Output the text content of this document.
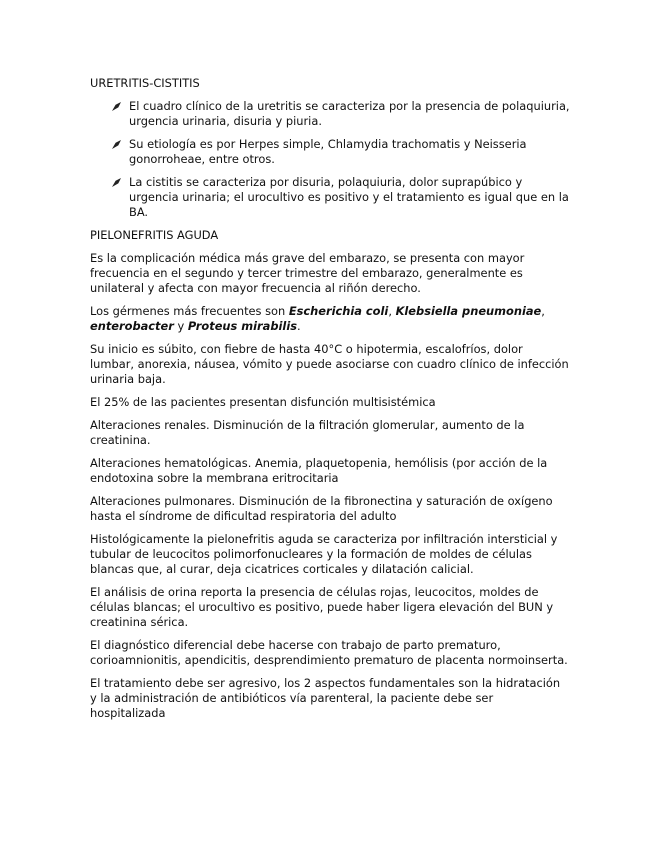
URETRITIS-CISTITIS
El cuadro clínico de la uretritis se caracteriza por la presencia de polaquiuria, urgencia urinaria, disuria y piuria.
Su etiología es por Herpes simple, Chlamydia trachomatis y Neisseria gonorroheae, entre otros.
La cistitis se caracteriza por disuria, polaquiuria, dolor suprapúbico y urgencia urinaria; el urocultivo es positivo y el tratamiento es igual que en la BA.
PIELONEFRITIS AGUDA

Es la complicación médica más grave del embarazo, se presenta con mayor frecuencia en el segundo y tercer trimestre del embarazo, generalmente es unilateral y afecta con mayor frecuencia al riñón derecho.

Los gérmenes más frecuentes son Escherichia coli, Klebsiella pneumoniae, enterobacter y Proteus mirabilis.

Su inicio es súbito, con fiebre de hasta 40°C o hipotermia, escalofríos, dolor lumbar, anorexia, náusea, vómito y puede asociarse con cuadro clínico de infección urinaria baja.

El 25% de las pacientes presentan disfunción multisistémica

Alteraciones renales. Disminución de la filtración glomerular, aumento de la creatinina.

Alteraciones hematológicas. Anemia, plaquetopenia, hemólisis (por acción de la endotoxina sobre la membrana eritrocitaria

Alteraciones pulmonares. Disminución de la fibronectina y saturación de oxígeno hasta el síndrome de dificultad respiratoria del adulto

Histológicamente la pielonefritis aguda se caracteriza por infiltración intersticial y tubular de leucocitos polimorfonucleares y la formación de moldes de células blancas que, al curar, deja cicatrices corticales y dilatación calicial.

El análisis de orina reporta la presencia de células rojas, leucocitos, moldes de células blancas; el urocultivo es positivo, puede haber ligera elevación del BUN y creatinina sérica.

El diagnóstico diferencial debe hacerse con trabajo de parto prematuro, corioamnionitis, apendicitis, desprendimiento prematuro de placenta normoinserta.

El tratamiento debe ser agresivo, los 2 aspectos fundamentales son la hidratación y la administración de antibióticos vía parenteral, la paciente debe ser hospitalizada
